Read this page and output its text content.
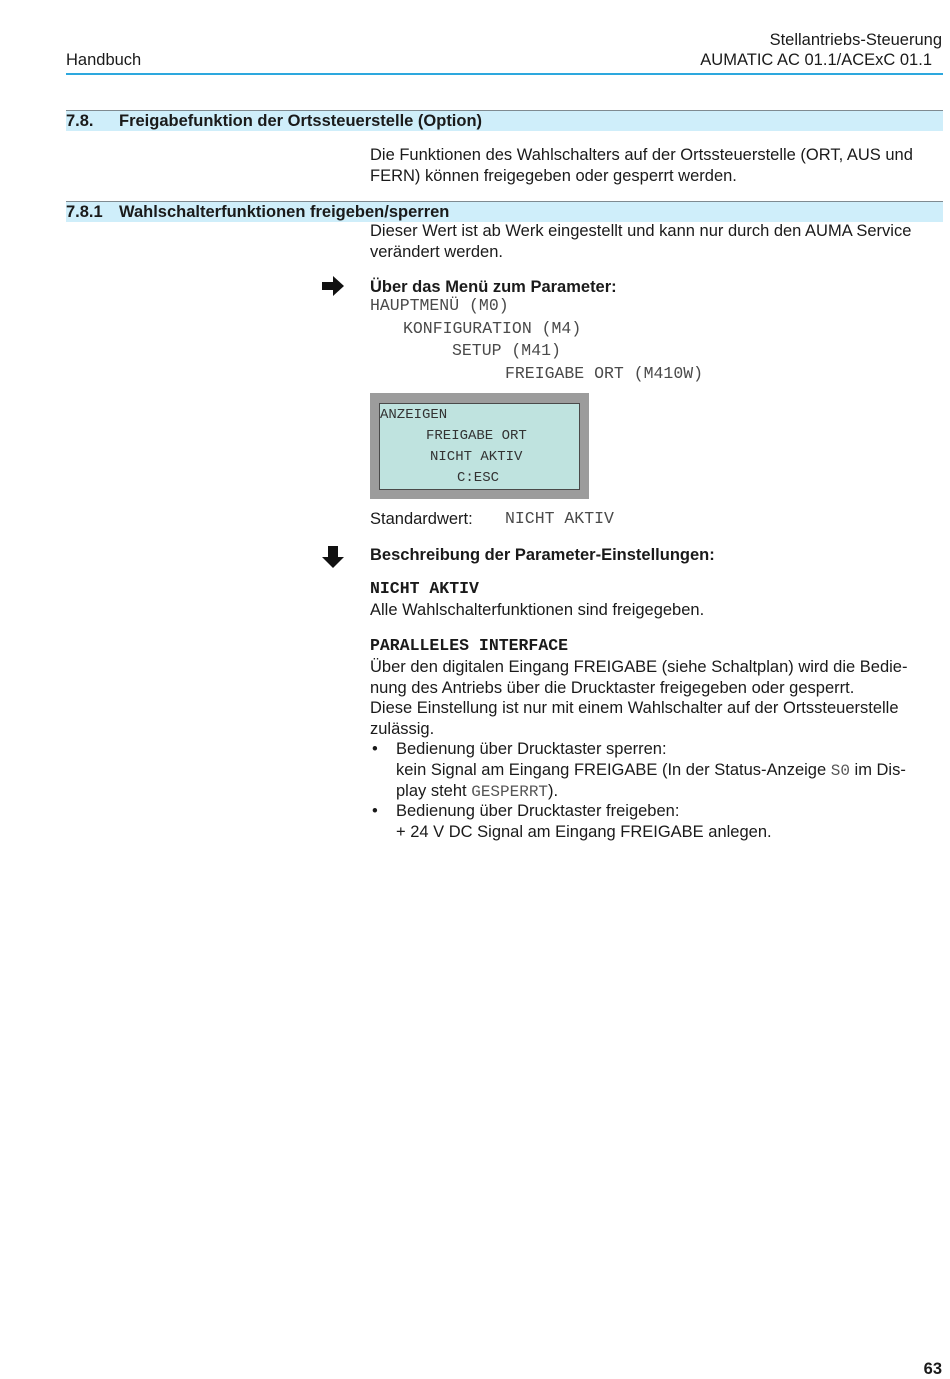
Handbuch
Stellantriebs-Steuerung
AUMATIC AC 01.1/ACExC 01.1
7.8. Freigabefunktion der Ortssteuerstelle (Option)
Die Funktionen des Wahlschalters auf der Ortssteuerstelle (ORT, AUS und
FERN) können freigegeben oder gesperrt werden.
7.8.1 Wahlschalterfunktionen freigeben/sperren
Dieser Wert ist ab Werk eingestellt und kann nur durch den AUMA Service
verändert werden.
Über das Menü zum Parameter:
HAUPTMENÜ (M0)
KONFIGURATION (M4)
SETUP (M41)
FREIGABE ORT (M410W)
ANZEIGEN
FREIGABE ORT
NICHT AKTIV
C:ESC
Standardwert: NICHT AKTIV
Beschreibung der Parameter-Einstellungen:
NICHT AKTIV
Alle Wahlschalterfunktionen sind freigegeben.
PARALLELES INTERFACE
Über den digitalen Eingang FREIGABE (siehe Schaltplan) wird die Bedie-
nung des Antriebs über die Drucktaster freigegeben oder gesperrt.
Diese Einstellung ist nur mit einem Wahlschalter auf der Ortssteuerstelle
zulässig.
• Bedienung über Drucktaster sperren:
kein Signal am Eingang FREIGABE (In der Status-Anzeige S0 im Dis-
play steht GESPERRT).
• Bedienung über Drucktaster freigeben:
+ 24 V DC Signal am Eingang FREIGABE anlegen.
63
